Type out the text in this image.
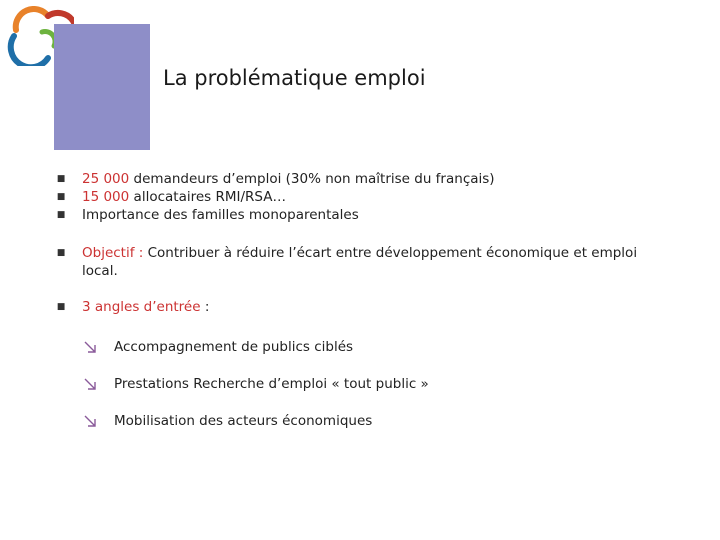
La problématique emploi
■ 25 000 demandeurs d’emploi (30% non maîtrise du français)
■ 15 000 allocataires RMI/RSA…
■ Importance des familles monoparentales
■ Objectif : Contribuer à réduire l’écart entre développement économique et emploi local.
■ 3 angles d’entrée :
Accompagnement de publics ciblés
Prestations Recherche d’emploi « tout public »
Mobilisation des acteurs économiques
